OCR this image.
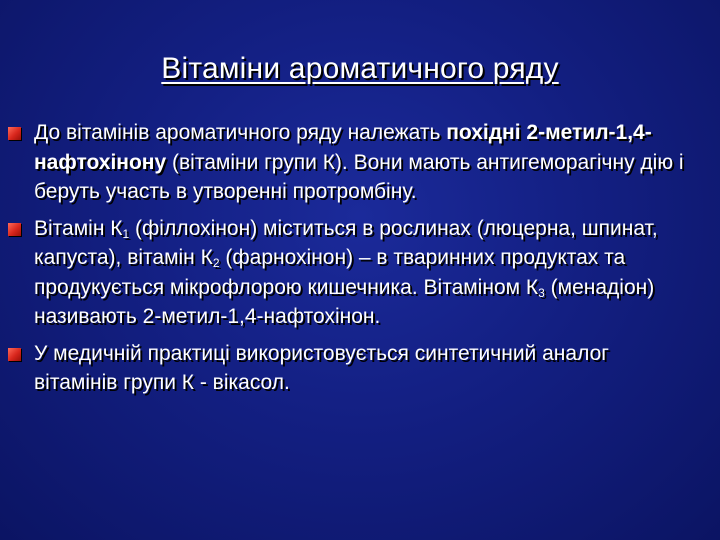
Вітаміни ароматичного ряду
До вітамінів ароматичного ряду належать похідні 2-метил-1,4-нафтохінону (вітаміни групи К). Вони мають антигеморагічну дію і беруть участь в утворенні протромбіну.
Вітамін $К_1$ (філлохінон) міститься в рослинах (люцерна, шпинат, капуста), вітамін $К_2$ (фарнохінон) – в тваринних продуктах та продукується мікрофлорою кишечника. Вітаміном $К_3$ (менадіон) називають 2-метил-1,4-нафтохінон.
У медичній практиці використовується синтетичний аналог вітамінів групи К - вікасол.
